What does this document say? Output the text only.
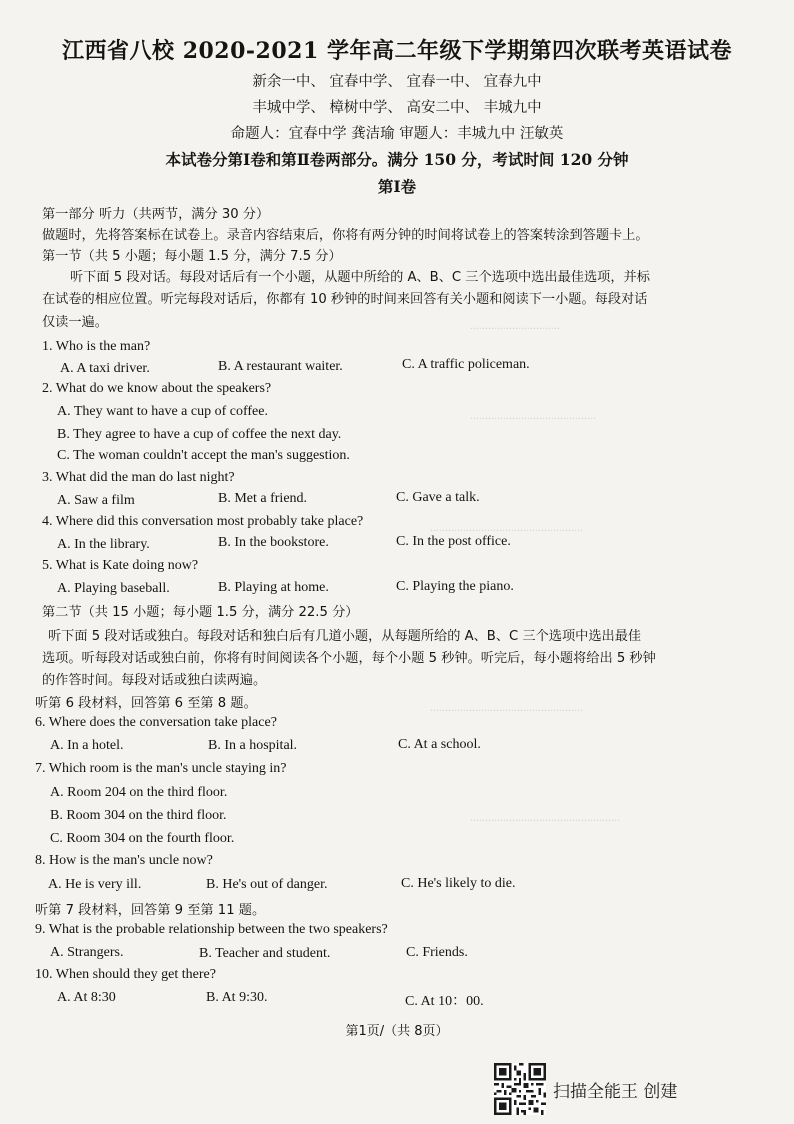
..............................
..........................................
...................................................
...................................................
..................................................
江西省八校 2020-2021 学年高二年级下学期第四次联考英语试卷
新余一中、 宜春中学、 宜春一中、 宜春九中
丰城中学、 樟树中学、 高安二中、 丰城九中
命题人：宜春中学 龚洁瑜 审题人：丰城九中 汪敏英
本试卷分第Ⅰ卷和第Ⅱ卷两部分。满分 150 分，考试时间 120 分钟
第Ⅰ卷
第一部分 听力（共两节，满分 30 分）
做题时，先将答案标在试卷上。录音内容结束后，你将有两分钟的时间将试卷上的答案转涂到答题卡上。
第一节（共 5 小题；每小题 1.5 分，满分 7.5 分）
听下面 5 段对话。每段对话后有一个小题，从题中所给的 A、B、C 三个选项中选出最佳选项，并标
在试卷的相应位置。听完每段对话后，你都有 10 秒钟的时间来回答有关小题和阅读下一小题。每段对话
仅读一遍。
1. Who is the man?
A. A taxi driver.	B. A restaurant waiter.	C. A traffic policeman.
2. What do we know about the speakers?
A. They want to have a cup of coffee.
B. They agree to have a cup of coffee the next day.
C. The woman couldn't accept the man's suggestion.
3. What did the man do last night?
A. Saw a film	B. Met a friend.	C. Gave a talk.
4. Where did this conversation most probably take place?
A. In the library.	B. In the bookstore.	C. In the post office.
5. What is Kate doing now?
A. Playing baseball.	B. Playing at home.	C. Playing the piano.
第二节（共 15 小题；每小题 1.5 分，满分 22.5 分）
听下面 5 段对话或独白。每段对话和独白后有几道小题，从每题所给的 A、B、C 三个选项中选出最佳
选项。听每段对话或独白前，你将有时间阅读各个小题，每个小题 5 秒钟。听完后，每小题将给出 5 秒钟
的作答时间。每段对话或独白读两遍。
听第 6 段材料，回答第 6 至第 8 题。
6. Where does the conversation take place?
A. In a hotel.	B. In a hospital.	C. At a school.
7. Which room is the man's uncle staying in?
A. Room 204 on the third floor.
B. Room 304 on the third floor.
C. Room 304 on the fourth floor.
8. How is the man's uncle now?
A. He is very ill.	B. He's out of danger.	C. He's likely to die.
听第 7 段材料，回答第 9 至第 11 题。
9. What is the probable relationship between the two speakers?
A. Strangers.	B. Teacher and student.	C. Friends.
10. When should they get there?
A. At 8:30	B. At 9:30.	C. At 10：00.
第1页/（共 8页）
扫描全能王 创建
